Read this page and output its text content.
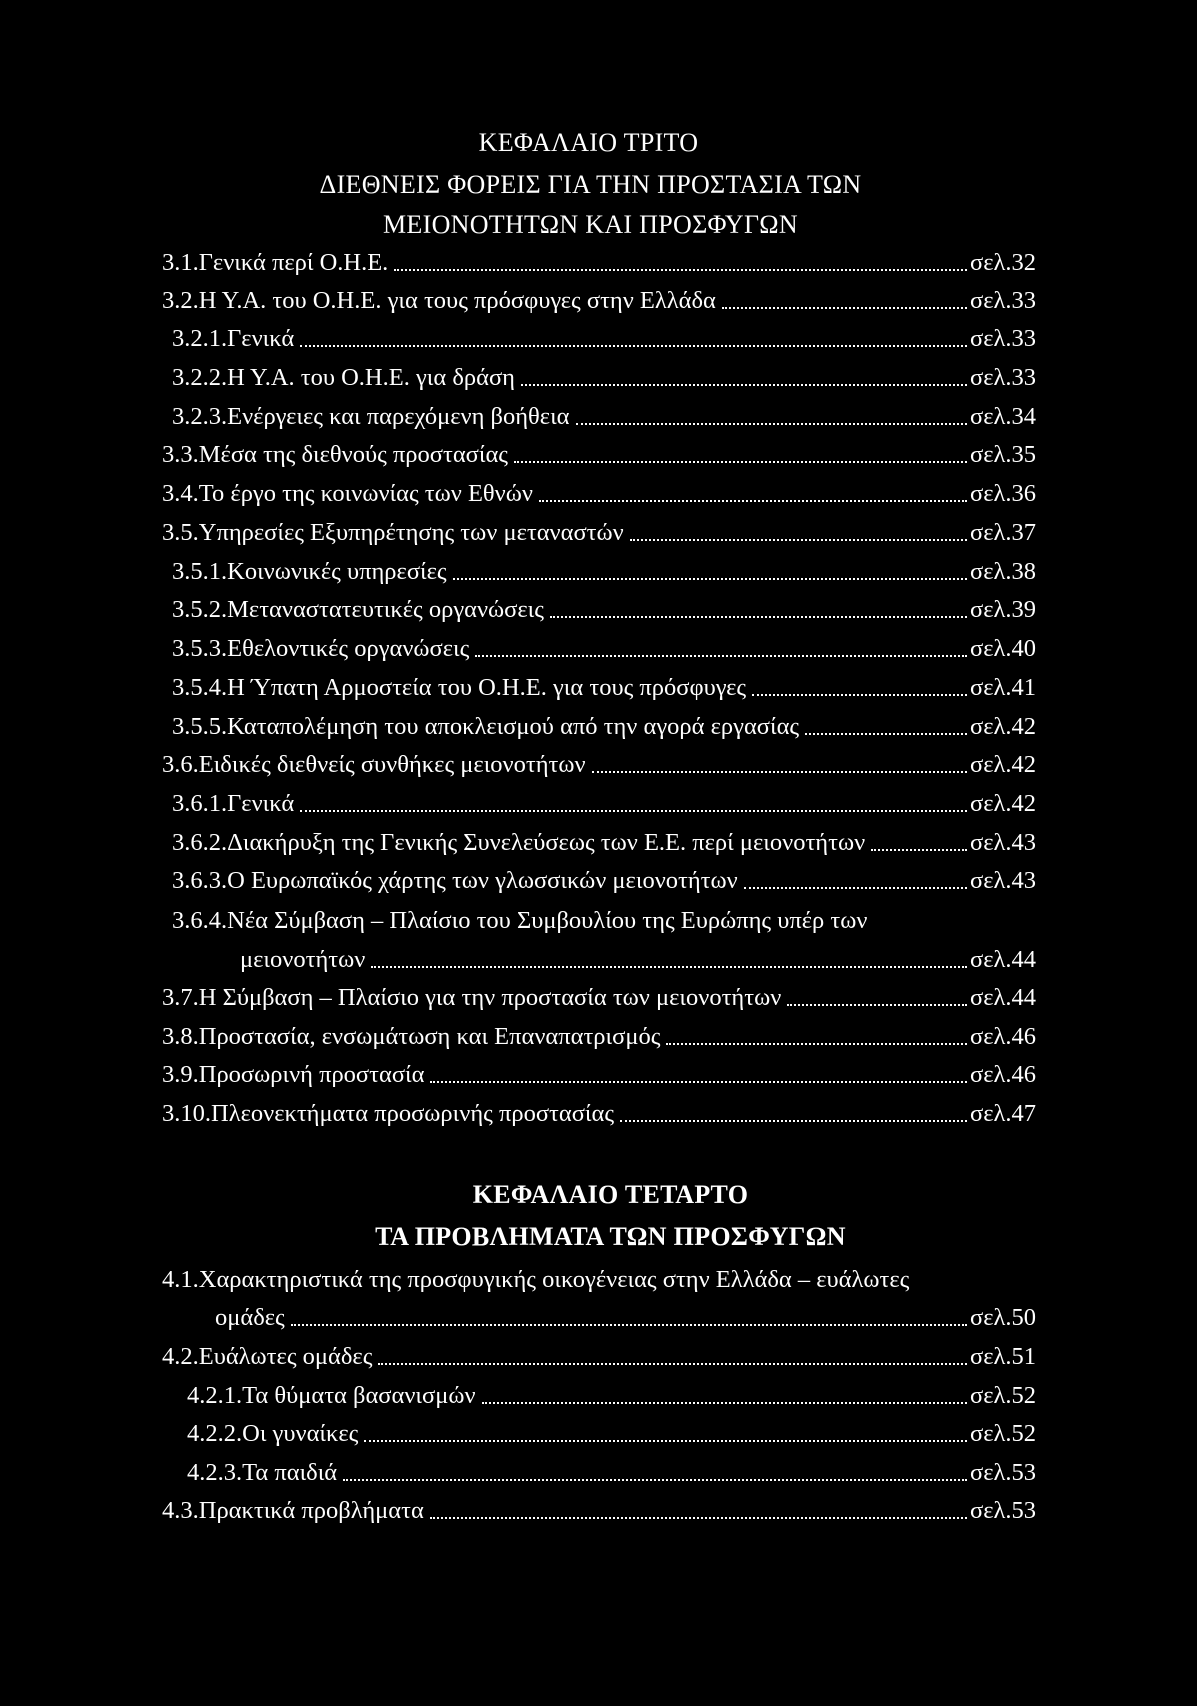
ΚΕΦΑΛΑΙΟ ΤΡΙΤΟ
ΔΙΕΘΝΕΙΣ ΦΟΡΕΙΣ ΓΙΑ ΤΗΝ ΠΡΟΣΤΑΣΙΑ ΤΩΝ
ΜΕΙΟΝΟΤΗΤΩΝ ΚΑΙ ΠΡΟΣΦΥΓΩΝ
3.1.Γενικά περί Ο.Η.Ε.	σελ.32
3.2.Η Υ.Α. του Ο.Η.Ε. για τους πρόσφυγες στην Ελλάδα	σελ.33
3.2.1.Γενικά	σελ.33
3.2.2.Η Υ.Α. του Ο.Η.Ε. για δράση	σελ.33
3.2.3.Ενέργειες και παρεχόμενη βοήθεια	σελ.34
3.3.Μέσα της διεθνούς προστασίας	σελ.35
3.4.Το έργο της κοινωνίας των Εθνών	σελ.36
3.5.Υπηρεσίες Εξυπηρέτησης των μεταναστών	σελ.37
3.5.1.Κοινωνικές υπηρεσίες	σελ.38
3.5.2.Μεταναστατευτικές οργανώσεις	σελ.39
3.5.3.Εθελοντικές οργανώσεις	σελ.40
3.5.4.Η Ύπατη Αρμοστεία του Ο.Η.Ε. για τους πρόσφυγες	σελ.41
3.5.5.Καταπολέμηση του αποκλεισμού από την αγορά εργασίας	σελ.42
3.6.Ειδικές διεθνείς συνθήκες μειονοτήτων	σελ.42
3.6.1.Γενικά	σελ.42
3.6.2.Διακήρυξη της Γενικής Συνελεύσεως των Ε.Ε. περί μειονοτήτων	σελ.43
3.6.3.Ο Ευρωπαϊκός χάρτης των γλωσσικών μειονοτήτων	σελ.43
3.6.4.Νέα Σύμβαση – Πλαίσιο του Συμβουλίου της Ευρώπης υπέρ των
μειονοτήτων	σελ.44
3.7.Η Σύμβαση – Πλαίσιο για την προστασία των μειονοτήτων	σελ.44
3.8.Προστασία, ενσωμάτωση και Επαναπατρισμός	σελ.46
3.9.Προσωρινή προστασία	σελ.46
3.10.Πλεονεκτήματα προσωρινής προστασίας	σελ.47
ΚΕΦΑΛΑΙΟ ΤΕΤΑΡΤΟ
ΤΑ ΠΡΟΒΛΗΜΑΤΑ ΤΩΝ ΠΡΟΣΦΥΓΩΝ
4.1.Χαρακτηριστικά της προσφυγικής οικογένειας στην Ελλάδα – ευάλωτες
ομάδες	σελ.50
4.2.Ευάλωτες ομάδες	σελ.51
4.2.1.Τα θύματα βασανισμών	σελ.52
4.2.2.Οι γυναίκες	σελ.52
4.2.3.Τα παιδιά	σελ.53
4.3.Πρακτικά προβλήματα	σελ.53
